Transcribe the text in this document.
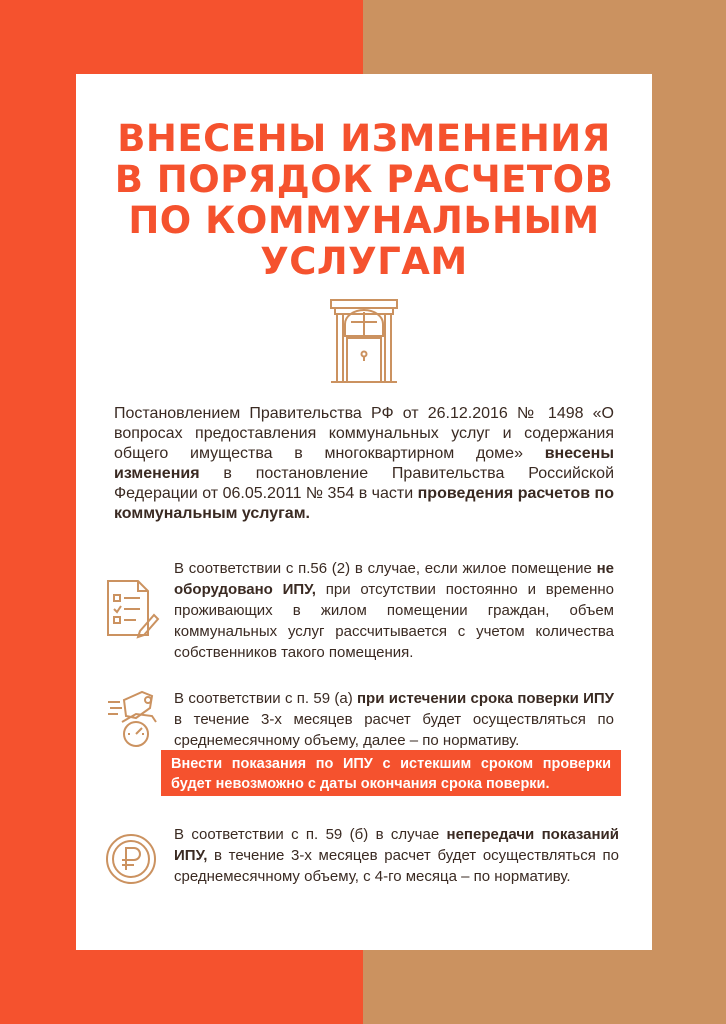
ВНЕСЕНЫ ИЗМЕНЕНИЯ
В ПОРЯДОК РАСЧЕТОВ
ПО КОММУНАЛЬНЫМ
УСЛУГАМ

Постановлением Правительства РФ от 26.12.2016 № 1498 «О вопросах предоставления коммунальных услуг и содержания общего имущества в многоквартирном доме» внесены изменения в постановление Правительства Российской Федерации от 06.05.2011 № 354 в части проведения расчетов по коммунальным услугам.

В соответствии с п.56 (2) в случае, если жилое помещение не оборудовано ИПУ, при отсутствии постоянно и временно проживающих в жилом помещении граждан, объем коммунальных услуг рассчитывается с учетом количества собственников такого помещения.

В соответствии с п. 59 (а) при истечении срока поверки ИПУ в течение 3-х месяцев расчет будет осуществляться по среднемесячному объему, далее – по нормативу.

Внести показания по ИПУ с истекшим сроком проверки будет невозможно с даты окончания срока поверки.

В соответствии с п. 59 (б) в случае непередачи показаний ИПУ, в течение 3-х месяцев расчет будет осуществляться по среднемесячному объему, с 4-го месяца – по нормативу.
